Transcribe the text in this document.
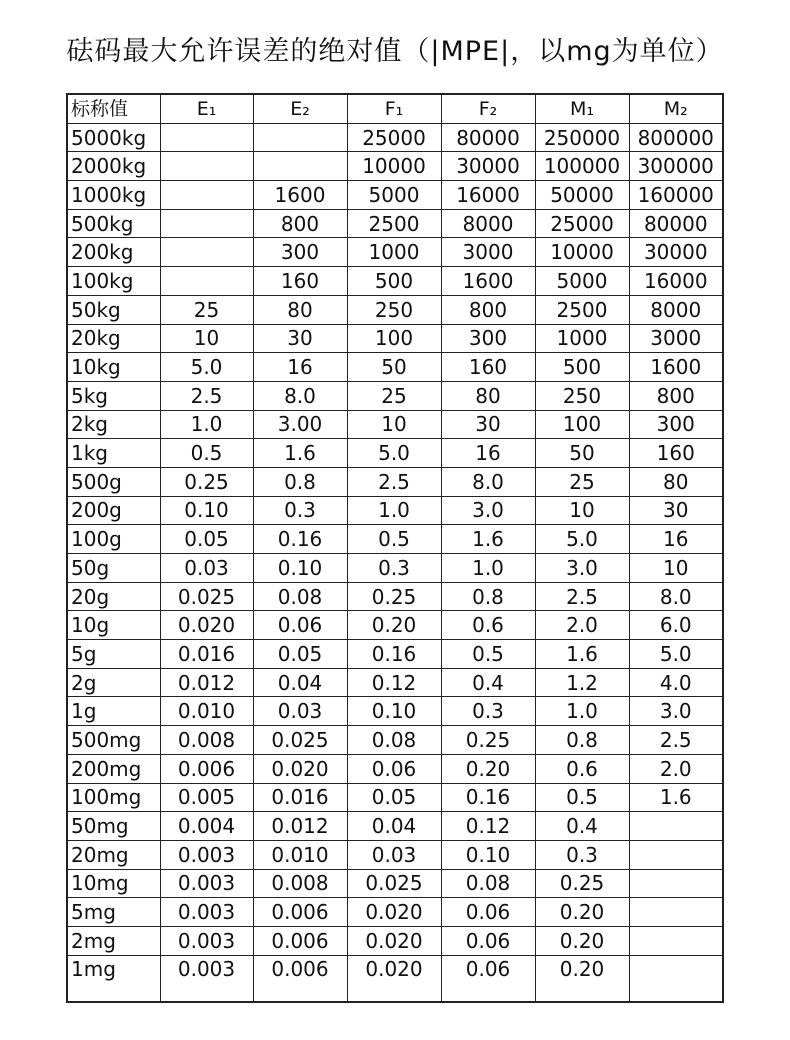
砝码最大允许误差的绝对值（|MPE|，以mg为单位）
标称值	E₁	E₂	F₁	F₂	M₁	M₂
5000kg			25000	80000	250000	800000
2000kg			10000	30000	100000	300000
1000kg		1600	5000	16000	50000	160000
500kg		800	2500	8000	25000	80000
200kg		300	1000	3000	10000	30000
100kg		160	500	1600	5000	16000
50kg	25	80	250	800	2500	8000
20kg	10	30	100	300	1000	3000
10kg	5.0	16	50	160	500	1600
5kg	2.5	8.0	25	80	250	800
2kg	1.0	3.00	10	30	100	300
1kg	0.5	1.6	5.0	16	50	160
500g	0.25	0.8	2.5	8.0	25	80
200g	0.10	0.3	1.0	3.0	10	30
100g	0.05	0.16	0.5	1.6	5.0	16
50g	0.03	0.10	0.3	1.0	3.0	10
20g	0.025	0.08	0.25	0.8	2.5	8.0
10g	0.020	0.06	0.20	0.6	2.0	6.0
5g	0.016	0.05	0.16	0.5	1.6	5.0
2g	0.012	0.04	0.12	0.4	1.2	4.0
1g	0.010	0.03	0.10	0.3	1.0	3.0
500mg	0.008	0.025	0.08	0.25	0.8	2.5
200mg	0.006	0.020	0.06	0.20	0.6	2.0
100mg	0.005	0.016	0.05	0.16	0.5	1.6
50mg	0.004	0.012	0.04	0.12	0.4	
20mg	0.003	0.010	0.03	0.10	0.3	
10mg	0.003	0.008	0.025	0.08	0.25	
5mg	0.003	0.006	0.020	0.06	0.20	
2mg	0.003	0.006	0.020	0.06	0.20	
1mg	0.003	0.006	0.020	0.06	0.20	
